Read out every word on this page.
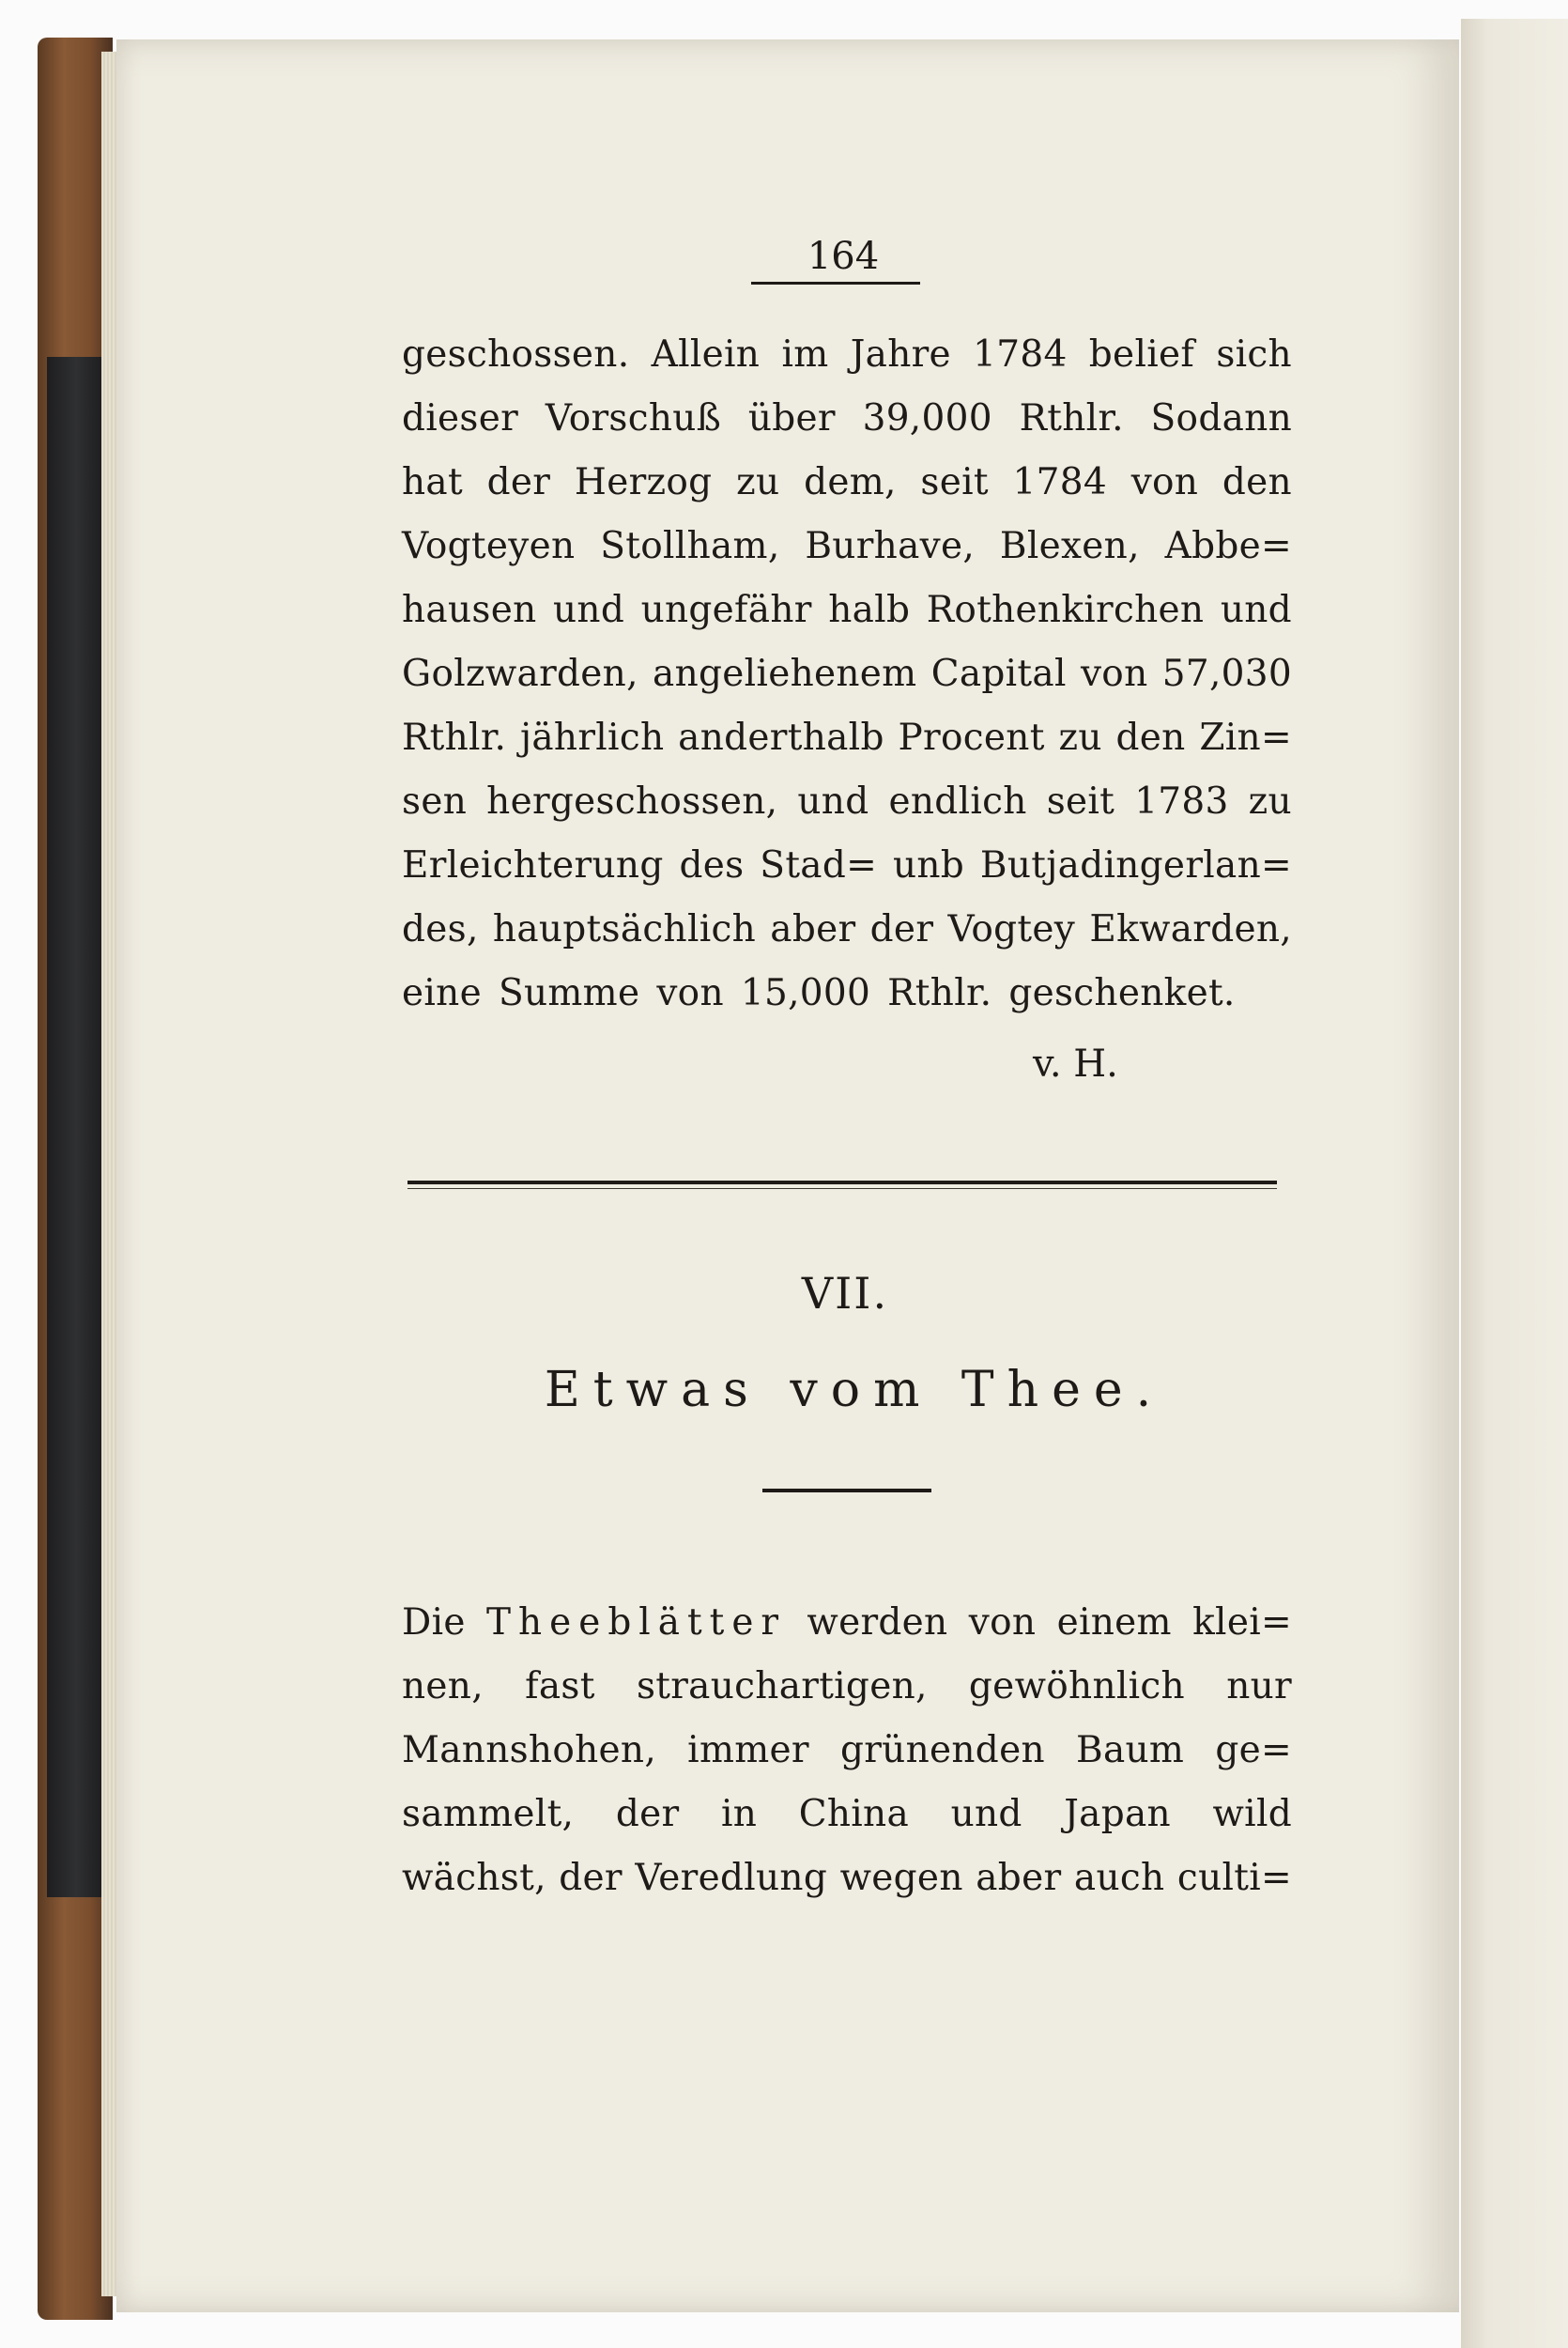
164
geschossen. Allein im Jahre 1784 belief sich
dieser Vorschuß über 39,000 Rthlr. Sodann
hat der Herzog zu dem, seit 1784 von den
Vogteyen Stollham, Burhave, Blexen, Abbe=
hausen und ungefähr halb Rothenkirchen und
Golzwarden, angeliehenem Capital von 57,030
Rthlr. jährlich anderthalb Procent zu den Zin=
sen hergeschossen, und endlich seit 1783 zu
Erleichterung des Stad= unb Butjadingerlan=
des, hauptsächlich aber der Vogtey Ekwarden,
eine Summe von 15,000 Rthlr. geschenket.
v. H.
VII.
Etwas vom Thee.
Die Theeblätter werden von einem klei=
nen, fast strauchartigen, gewöhnlich nur
Mannshohen, immer grünenden Baum ge=
sammelt, der in China und Japan wild
wächst, der Veredlung wegen aber auch culti=
